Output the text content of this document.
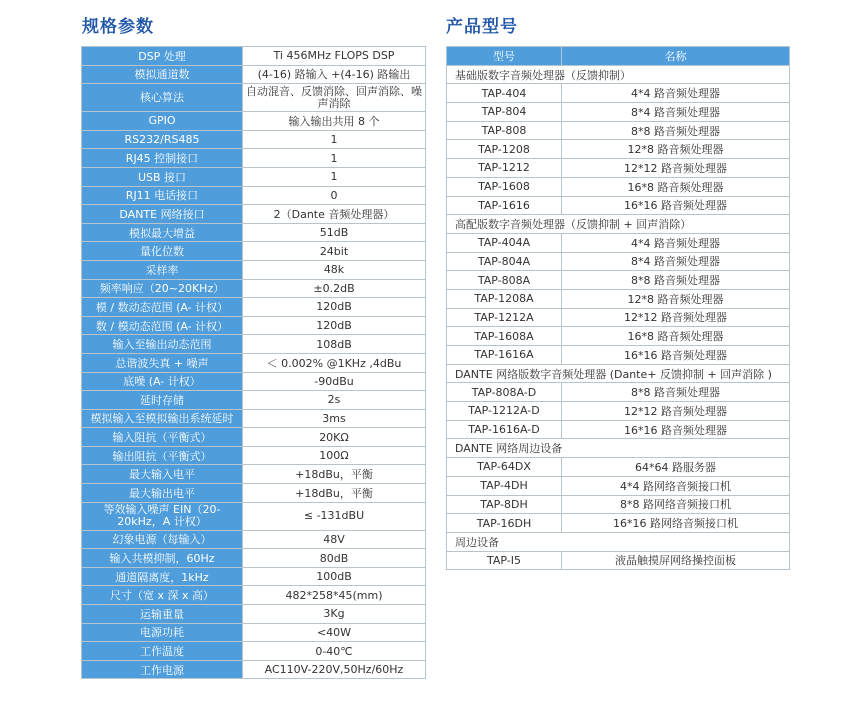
规格参数	产品型号
DSP 处理	Ti 456MHz FLOPS DSP
模拟通道数	(4-16) 路输入 +(4-16) 路输出
核心算法	自动混音、反馈消除、回声消除、噪声消除
GPIO	输入输出共用 8 个
RS232/RS485	1
RJ45 控制接口	1
USB 接口	1
RJ11 电话接口	0
DANTE 网络接口	2（Dante 音频处理器）
模拟最大增益	51dB
量化位数	24bit
采样率	48k
频率响应（20~20KHz）	±0.2dB
模 / 数动态范围 (A- 计权）	120dB
数 / 模动态范围 (A- 计权）	120dB
输入至输出动态范围	108dB
总谐波失真 + 噪声	＜ 0.002% @1KHz ,4dBu
底噪 (A- 计权）	-90dBu
延时存储	2s
模拟输入至模拟输出系统延时	3ms
输入阻抗（平衡式）	20KΩ
输出阻抗（平衡式）	100Ω
最大输入电平	+18dBu，平衡
最大输出电平	+18dBu，平衡
等效输入噪声 EIN（20-20kHz，A 计权）	≤ -131dBU
幻象电源（每输入）	48V
输入共模抑制，60Hz	80dB
通道隔离度，1kHz	100dB
尺寸（宽 x 深 x 高）	482*258*45(mm)
运输重量	3Kg
电源功耗	<40W
工作温度	0-40℃
工作电源	AC110V-220V,50Hz/60Hz
型号	名称
基础版数字音频处理器（反馈抑制）	
TAP-404	4*4 路音频处理器
TAP-804	8*4 路音频处理器
TAP-808	8*8 路音频处理器
TAP-1208	12*8 路音频处理器
TAP-1212	12*12 路音频处理器
TAP-1608	16*8 路音频处理器
TAP-1616	16*16 路音频处理器
高配版数字音频处理器（反馈抑制 + 回声消除）	
TAP-404A	4*4 路音频处理器
TAP-804A	8*4 路音频处理器
TAP-808A	8*8 路音频处理器
TAP-1208A	12*8 路音频处理器
TAP-1212A	12*12 路音频处理器
TAP-1608A	16*8 路音频处理器
TAP-1616A	16*16 路音频处理器
DANTE 网络版数字音频处理器 (Dante+ 反馈抑制 + 回声消除 )	
TAP-808A-D	8*8 路音频处理器
TAP-1212A-D	12*12 路音频处理器
TAP-1616A-D	16*16 路音频处理器
DANTE 网络周边设备	
TAP-64DX	64*64 路服务器
TAP-4DH	4*4 路网络音频接口机
TAP-8DH	8*8 路网络音频接口机
TAP-16DH	16*16 路网络音频接口机
周边设备	
TAP-I5	液晶触摸屏网络操控面板
